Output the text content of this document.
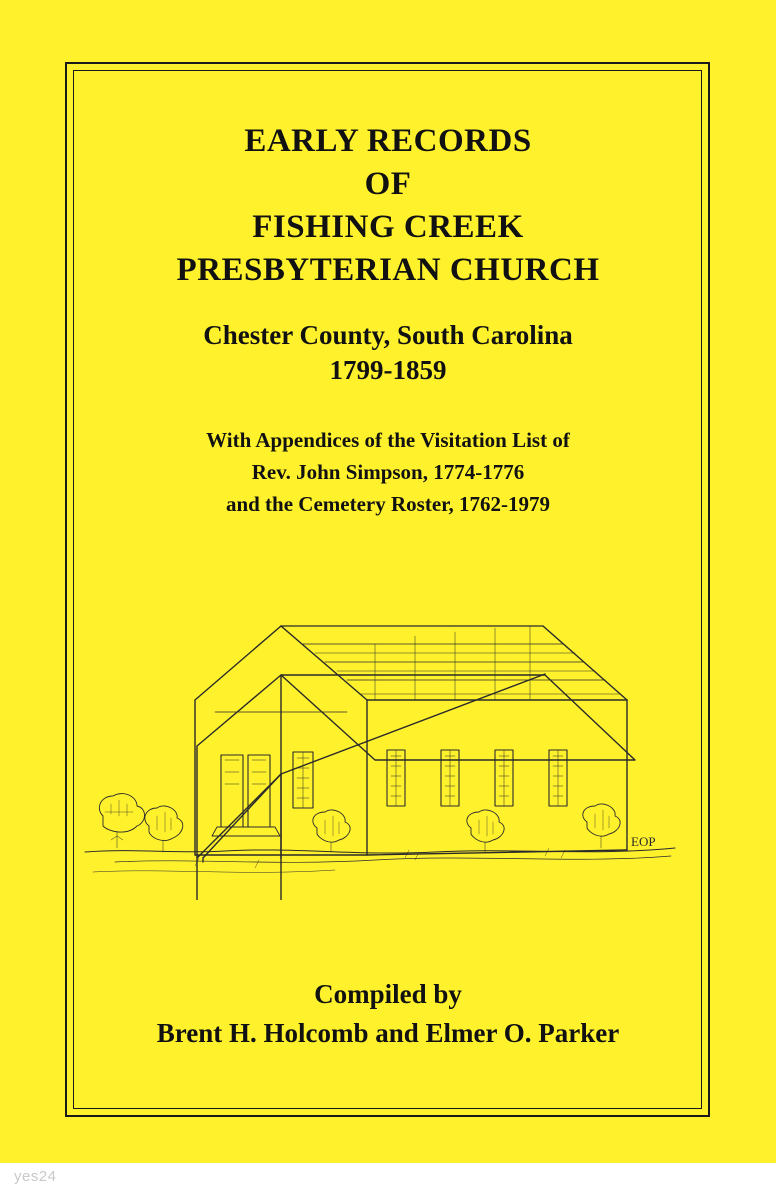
EARLY RECORDS
OF
FISHING CREEK
PRESBYTERIAN CHURCH
Chester County, South Carolina
1799-1859
With Appendices of the Visitation List of
Rev. John Simpson, 1774-1776
and the Cemetery Roster, 1762-1979
EOP
Compiled by
Brent H. Holcomb and Elmer O. Parker
yes24
